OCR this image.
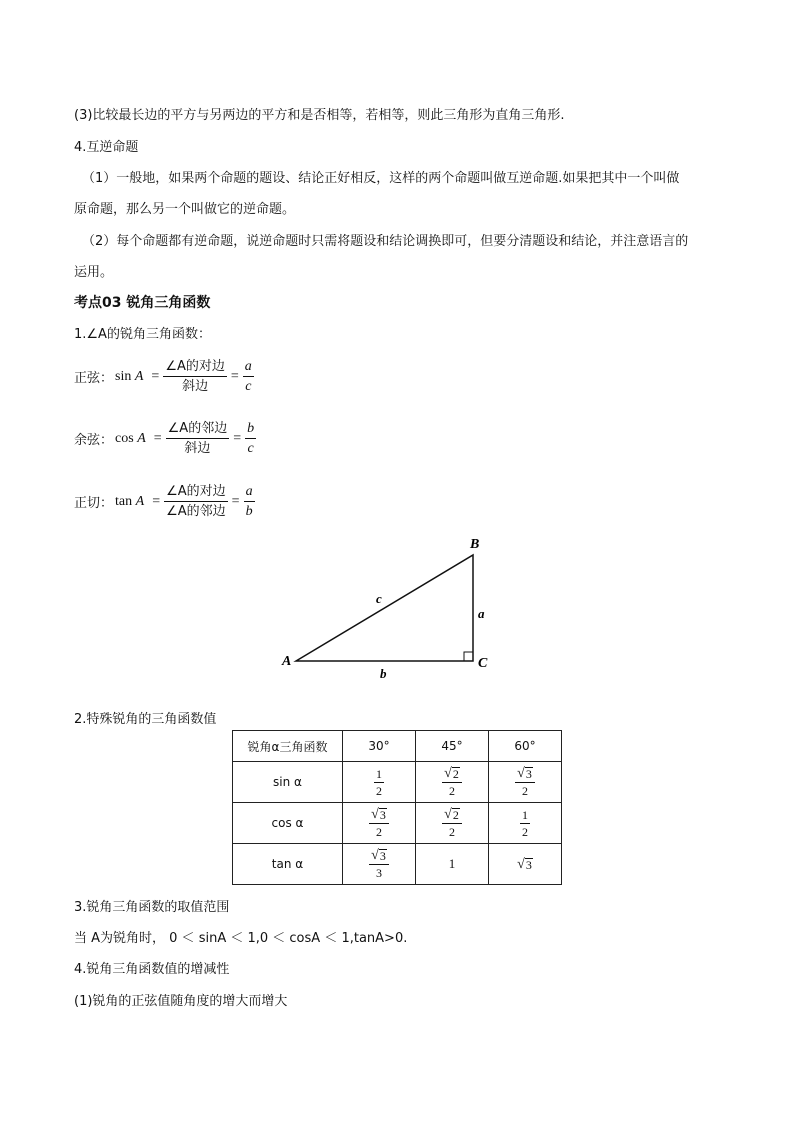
(3)比较最长边的平方与另两边的平方和是否相等，若相等，则此三角形为直角三角形.
4.互逆命题
（1）一般地，如果两个命题的题设、结论正好相反，这样的两个命题叫做互逆命题.如果把其中一个叫做
原命题，那么另一个叫做它的逆命题。
（2）每个命题都有逆命题，说逆命题时只需将题设和结论调换即可，但要分清题设和结论，并注意语言的
运用。
考点03 锐角三角函数
1.∠A的锐角三角函数：
正弦： $\sin A = \frac{\text{∠A的对边}}{\text{斜边}} = \frac{a}{c}$
余弦： $\cos A = \frac{\text{∠A的邻边}}{\text{斜边}} = \frac{b}{c}$
正切： $\tan A = \frac{\text{∠A的对边}}{\text{∠A的邻边}} = \frac{a}{b}$
A
B
C
a
b
c
2.特殊锐角的三角函数值
锐角α三角函数	30°	45°	60°
sin α	$\frac{1}{2}$	$\frac{√ 2}{2}$	$\frac{√ 3}{2}$

cos α	$\frac{√ 3}{2}$	$\frac{√ 2}{2}$	$\frac{1}{2}$

tan α	$\frac{√ 3}{3}$	1	√ 3
3.锐角三角函数的取值范围
当 A为锐角时， 0 ＜ sinA ＜ 1,0 ＜ cosA ＜ 1,tanA>0.
4.锐角三角函数值的增减性
(1)锐角的正弦值随角度的增大而增大
